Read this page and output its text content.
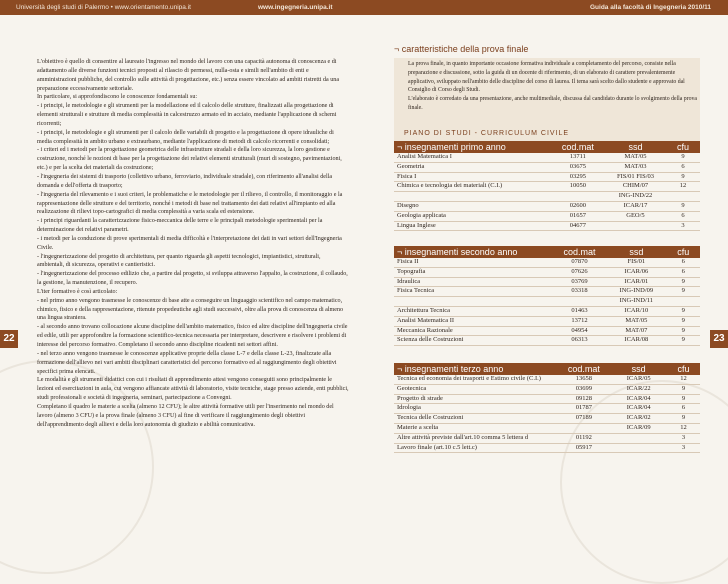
Università degli studi di Palermo • www.orientamento.unipa.it	www.ingegneria.unipa.it	Guida alla facoltà di Ingegneria 2010/11
22	23

L'obiettivo è quello di consentire al laureato l'ingresso nel mondo del lavoro con una capacità autonoma di conoscenza e di adattamento alle diverse funzioni tecnici proposti al rilascio di permessi, nulla-osta e simili nell'ambito di enti e amministrazioni pubbliche, del controllo sulle attività di progettazione, etc.) senza essere vincolato ad ambiti ristretti da una preparazione eccessivamente settoriale.

In particolare, si approfondiscono le conoscenze fondamentali su:

- i principi, le metodologie e gli strumenti per la modellazione ed il calcolo delle strutture, finalizzati alla progettazione di elementi strutturali e strutture di media complessità in calcestruzzo armato ed in acciaio, mediante l'applicazione di schemi ricorrenti;

- i principi, le metodologie e gli strumenti per il calcolo delle variabili di progetto e la progettazione di opere idrauliche di media complessità in ambito urbano e extraurbano, mediante l'applicazione di metodi di calcolo ricorrenti e consolidati;

- i criteri ed i metodi per la progettazione geometrica delle infrastrutture stradali e della loro sicurezza, la loro gestione e costruzione, nonché le nozioni di base per la progettazione dei relativi elementi strutturali (muri di sostegno, pavimentazioni, etc.) e per la scelta dei materiali da costruzione;

- l'ingegneria dei sistemi di trasporto (collettivo urbano, ferroviario, individuale stradale), con riferimento all'analisi della domanda e dell'offerta di trasporto;

- l'ingegneria del rilevamento e i suoi criteri, le problematiche e le metodologie per il rilievo, il controllo, il monitoraggio e la rappresentazione delle strutture e del territorio, nonché i metodi di base nel trattamento dei dati relativi all'impianto ed alla realizzazione di rilievi topo-cartografici di media complessità a varia scala ed estensione.

- i principi riguardanti la caratterizzazione fisico-meccanica delle terre e le principali metodologie sperimentali per la determinazione dei relativi parametri.

- i metodi per la conduzione di prove sperimentali di media difficoltà e l'interpretazione dei dati in vari settori dell'Ingegneria Civile.

- l'ingegnerizzazione del progetto di architettura, per quanto riguarda gli aspetti tecnologici, impiantistici, strutturali, ambientali, di sicurezza, operativi e cantieristici.

- l'ingegnerizzazione del processo edilizio che, a partire dal progetto, si sviluppa attraverso l'appalto, la costruzione, il collaudo, la gestione, la manutenzione, il recupero.

L'iter formativo è così articolato:

- nel primo anno vengono trasmesse le conoscenze di base atte a conseguire un linguaggio scientifico nel campo matematico, chimico, fisico e della rappresentazione, ritenute propedeutiche agli studi successivi, oltre alla prova di conoscenza di almeno una lingua straniera.

- al secondo anno trovano collocazione alcune discipline dell'ambito matematico, fisico ed altre discipline dell'ingegneria civile ed edile, utili per approfondire la formazione scientifico-tecnica necessaria per interpretare, descrivere e risolvere i problemi di interesse del percorso formativo. Completano il secondo anno discipline ricadenti nei settori affini.

- nel terzo anno vengono trasmesse le conoscenze applicative proprie della classe L-7 e della classe L-23, finalizzate alla formazione dell'allievo nei vari ambiti disciplinari caratteristici del percorso formativo ed al raggiungimento degli obiettivi specifici prima elencati.

Le modalità e gli strumenti didattici con cui i risultati di apprendimento attesi vengono conseguiti sono principalmente le lezioni ed esercitazioni in aula, cui vengono affiancate attività di laboratorio, visite tecniche, stage presso aziende, enti pubblici, studi professionali e società di ingegneria, seminari, partecipazione a Convegni.

Completano il quadro le materie a scelta (almeno 12 CFU); le altre attività formative utili per l'inserimento nel mondo del lavoro (almeno 3 CFU) e la prova finale (almeno 3 CFU) al fine di verificare il raggiungimento degli obiettivi dell'apprendimento degli allievi e della loro autonomia di giudizio e abilità comunicativa.

¬ caratteristiche della prova finale

La prova finale, in quanto importante occasione formativa individuale a completamento del percorso, consiste nella preparazione e discussione, sotto la guida di un docente di riferimento, di un elaborato di carattere prevalentemente applicativo, sviluppato nell'ambito delle discipline del corso di laurea. Il tema sarà scelto dallo studente e approvato dal Consiglio di Corso degli Studi.

L'elaborato è corredato da una presentazione, anche multimediale, discussa dal candidato durante lo svolgimento della prova finale.

PIANO DI STUDI - CURRICULUM CIVILE
¬ insegnamenti primo anno	cod.mat	ssd	cfu
Analisi Matematica I	13711	MAT/05	9
Geometria	03675	MAT/03	6
Fisica I	03295	FIS/01 FIS/03	9
Chimica e tecnologia dei materiali (C.I.)	10050	CHIM/07	12
		ING-IND/22	
Disegno	02600	ICAR/17	9
Geologia applicata	01657	GEO/5	6
Lingua Inglese	04677		3
¬ insegnamenti secondo anno	cod.mat	ssd	cfu
Fisica II	07870	FIS/01	6
Topografia	07626	ICAR/06	6
Idraulica	03769	ICAR/01	9
Fisica Tecnica	03318	ING-IND/09	9
		ING-IND/11	
Architettura Tecnica	01463	ICAR/10	9
Analisi Matematica II	13712	MAT/05	9
Meccanica Razionale	04954	MAT/07	9
Scienza delle Costruzioni	06313	ICAR/08	9
¬ insegnamenti terzo anno	cod.mat	ssd	cfu
Tecnica ed economia dei trasporti e Estimo civile (C.I.)	13658	ICAR/05	12
Geotecnica	03699	ICAR/22	9
Progetto di strade	09128	ICAR/04	9
Idrologia	01787	ICAR/04	6
Tecnica delle Costruzioni	07189	ICAR/02	9
Materie a scelta		ICAR/09	12
Altre attività previste dall'art.10 comma 5 lettera d	01192		3
Lavoro finale (art.10 c.5 lett.c)	05917		3
